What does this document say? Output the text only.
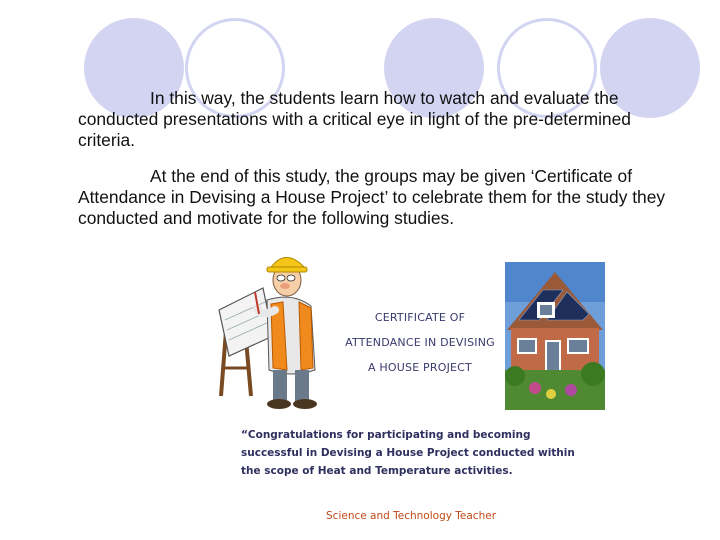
In this way, the students learn how to watch and evaluate the conducted presentations with a critical eye in light of the pre-determined criteria.

At the end of this study, the groups may be given ‘Certificate of Attendance in Devising a House Project’ to celebrate them for the study they conducted and motivate for the following studies.

CERTIFICATE OF
ATTENDANCE IN DEVISING
A HOUSE PROJECT
“Congratulations for participating and becoming successful in Devising a House Project conducted within the scope of Heat and Temperature activities.
Science and Technology Teacher
